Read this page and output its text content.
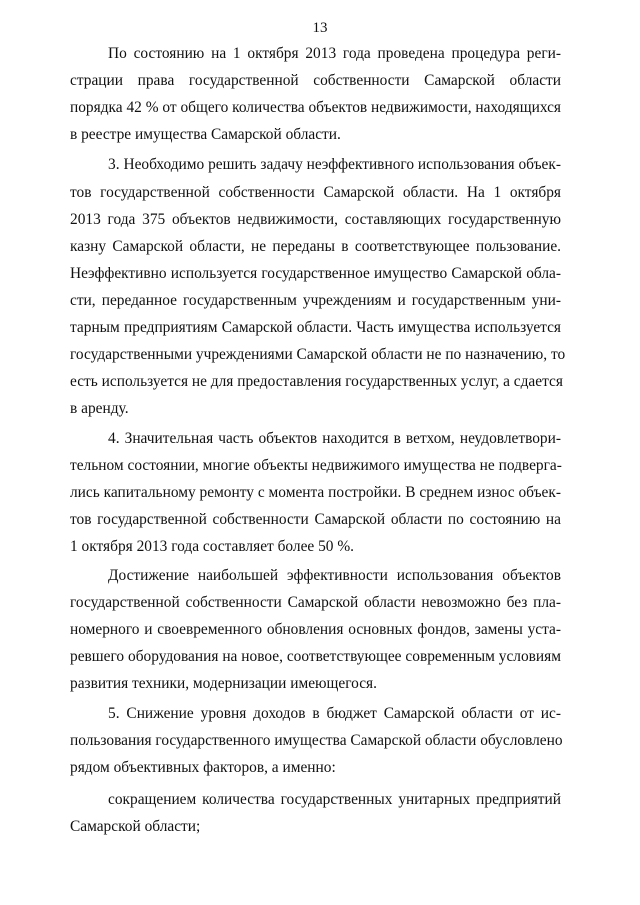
13

По состоянию на 1 октября 2013 года проведена процедура реги-

страции права государственной собственности Самарской области

порядка 42 % от общего количества объектов недвижимости, находящихся

в реестре имущества Самарской области.

3. Необходимо решить задачу неэффективного использования объек-

тов государственной собственности Самарской области. На 1 октября

2013 года 375 объектов недвижимости, составляющих государственную

казну Самарской области, не переданы в соответствующее пользование.

Неэффективно используется государственное имущество Самарской обла-

сти, переданное государственным учреждениям и государственным уни-

тарным предприятиям Самарской области. Часть имущества используется

государственными учреждениями Самарской области не по назначению, то

есть используется не для предоставления государственных услуг, а сдается

в аренду.

4. Значительная часть объектов находится в ветхом, неудовлетвори-

тельном состоянии, многие объекты недвижимого имущества не подверга-

лись капитальному ремонту с момента постройки. В среднем износ объек-

тов государственной собственности Самарской области по состоянию на

1 октября 2013 года составляет более 50 %.

Достижение наибольшей эффективности использования объектов

государственной собственности Самарской области невозможно без пла-

номерного и своевременного обновления основных фондов, замены уста-

ревшего оборудования на новое, соответствующее современным условиям

развития техники, модернизации имеющегося.

5. Снижение уровня доходов в бюджет Самарской области от ис-

пользования государственного имущества Самарской области обусловлено

рядом объективных факторов, а именно:

сокращением количества государственных унитарных предприятий

Самарской области;
